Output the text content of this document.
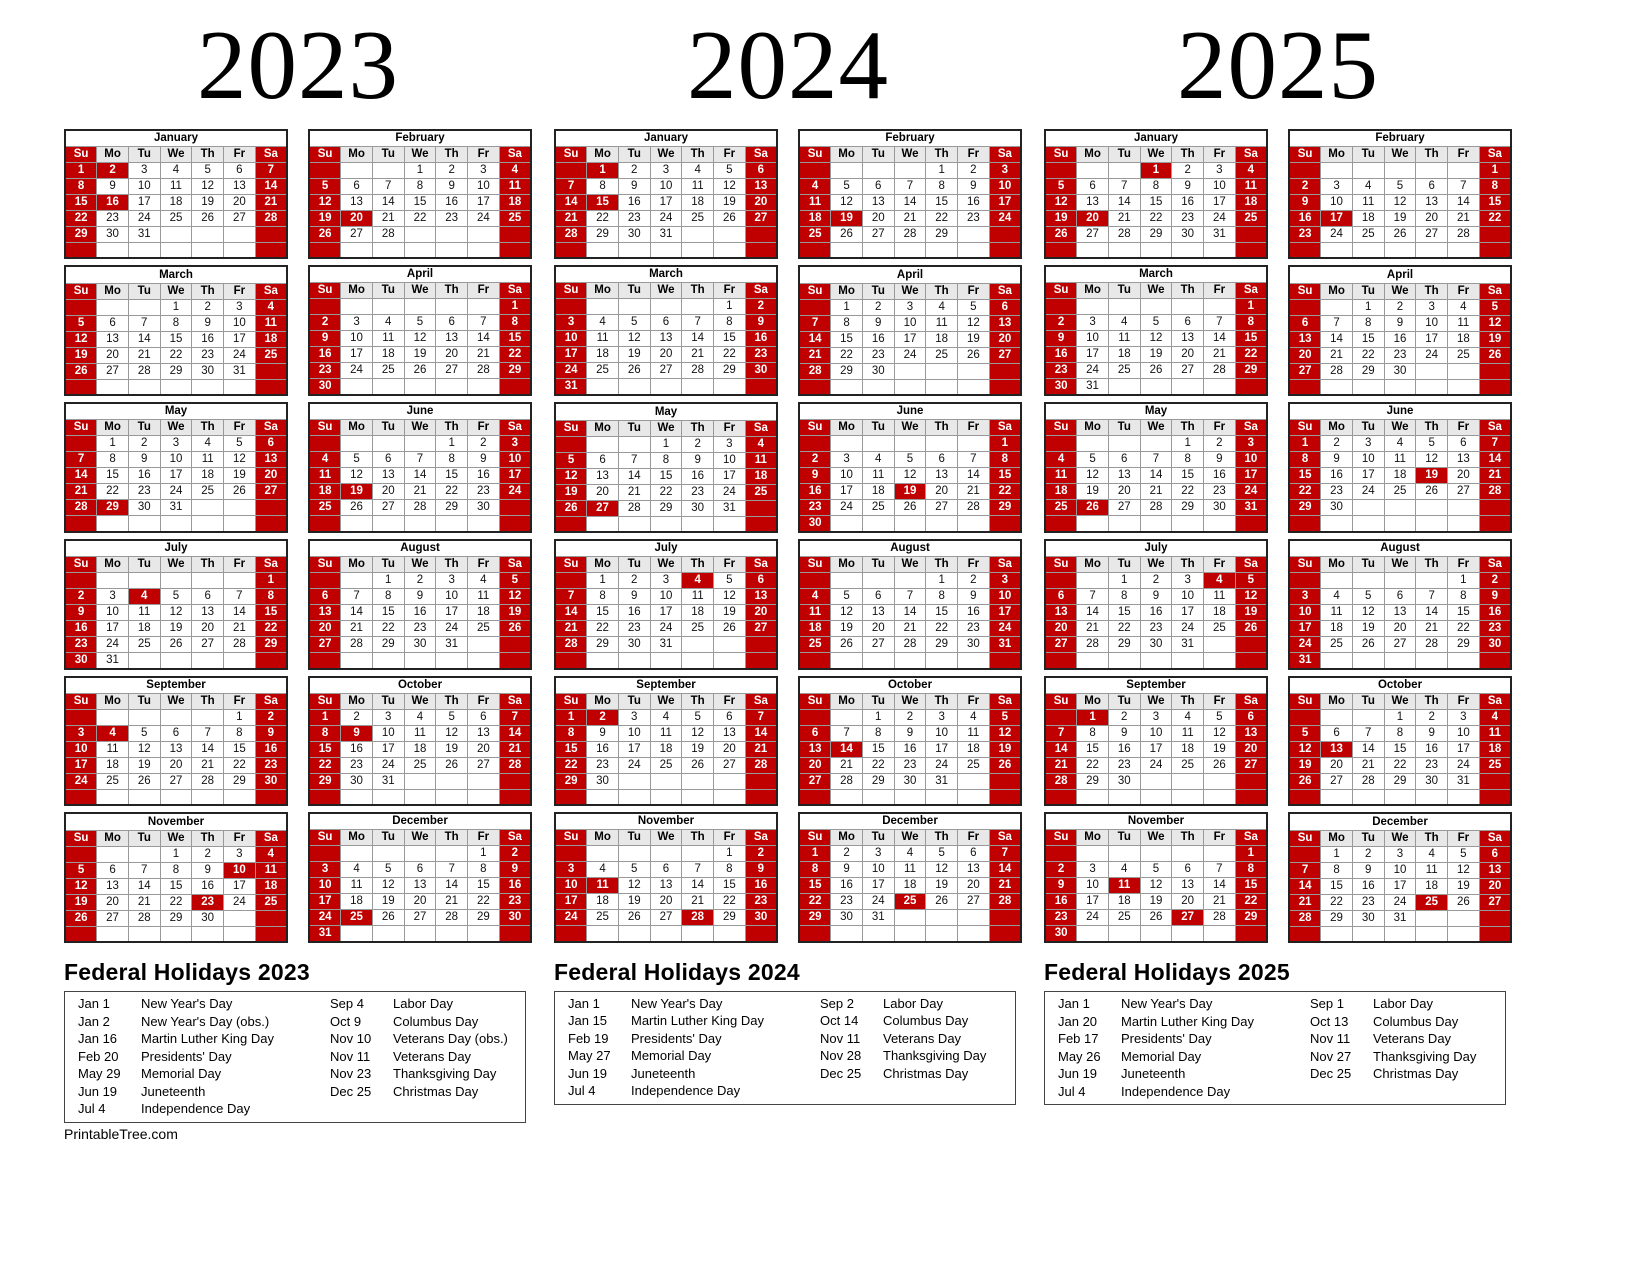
2023
January						
Su	Mo	Tu	We	Th	Fr	Sa
1	2	3	4	5	6	7
8	9	10	11	12	13	14
15	16	17	18	19	20	21
22	23	24	25	26	27	28
29	30	31				

February						
Su	Mo	Tu	We	Th	Fr	Sa
			1	2	3	4
5	6	7	8	9	10	11
12	13	14	15	16	17	18
19	20	21	22	23	24	25
26	27	28				

March						
Su	Mo	Tu	We	Th	Fr	Sa
			1	2	3	4
5	6	7	8	9	10	11
12	13	14	15	16	17	18
19	20	21	22	23	24	25
26	27	28	29	30	31	

April						
Su	Mo	Tu	We	Th	Fr	Sa
						1
2	3	4	5	6	7	8
9	10	11	12	13	14	15
16	17	18	19	20	21	22
23	24	25	26	27	28	29
30						
May						
Su	Mo	Tu	We	Th	Fr	Sa
	1	2	3	4	5	6
7	8	9	10	11	12	13
14	15	16	17	18	19	20
21	22	23	24	25	26	27
28	29	30	31			

June						
Su	Mo	Tu	We	Th	Fr	Sa
				1	2	3
4	5	6	7	8	9	10
11	12	13	14	15	16	17
18	19	20	21	22	23	24
25	26	27	28	29	30	

July						
Su	Mo	Tu	We	Th	Fr	Sa
						1
2	3	4	5	6	7	8
9	10	11	12	13	14	15
16	17	18	19	20	21	22
23	24	25	26	27	28	29
30	31					
August						
Su	Mo	Tu	We	Th	Fr	Sa
		1	2	3	4	5
6	7	8	9	10	11	12
13	14	15	16	17	18	19
20	21	22	23	24	25	26
27	28	29	30	31		

September						
Su	Mo	Tu	We	Th	Fr	Sa
					1	2
3	4	5	6	7	8	9
10	11	12	13	14	15	16
17	18	19	20	21	22	23
24	25	26	27	28	29	30

October						
Su	Mo	Tu	We	Th	Fr	Sa
1	2	3	4	5	6	7
8	9	10	11	12	13	14
15	16	17	18	19	20	21
22	23	24	25	26	27	28
29	30	31				

November						
Su	Mo	Tu	We	Th	Fr	Sa
			1	2	3	4
5	6	7	8	9	10	11
12	13	14	15	16	17	18
19	20	21	22	23	24	25
26	27	28	29	30		

December						
Su	Mo	Tu	We	Th	Fr	Sa
					1	2
3	4	5	6	7	8	9
10	11	12	13	14	15	16
17	18	19	20	21	22	23
24	25	26	27	28	29	30
31						
Federal Holidays 2023
Jan 1	New Year's Day
Jan 2	New Year's Day (obs.)
Jan 16	Martin Luther King Day
Feb 20	Presidents' Day
May 29	Memorial Day
Jun 19	Juneteenth
Jul 4	Independence Day
Sep 4	Labor Day
Oct 9	Columbus Day
Nov 10	Veterans Day (obs.)
Nov 11	Veterans Day
Nov 23	Thanksgiving Day
Dec 25	Christmas Day
2024
January						
Su	Mo	Tu	We	Th	Fr	Sa
	1	2	3	4	5	6
7	8	9	10	11	12	13
14	15	16	17	18	19	20
21	22	23	24	25	26	27
28	29	30	31			

February						
Su	Mo	Tu	We	Th	Fr	Sa
				1	2	3
4	5	6	7	8	9	10
11	12	13	14	15	16	17
18	19	20	21	22	23	24
25	26	27	28	29		

March						
Su	Mo	Tu	We	Th	Fr	Sa
					1	2
3	4	5	6	7	8	9
10	11	12	13	14	15	16
17	18	19	20	21	22	23
24	25	26	27	28	29	30
31						
April						
Su	Mo	Tu	We	Th	Fr	Sa
	1	2	3	4	5	6
7	8	9	10	11	12	13
14	15	16	17	18	19	20
21	22	23	24	25	26	27
28	29	30				

May						
Su	Mo	Tu	We	Th	Fr	Sa
			1	2	3	4
5	6	7	8	9	10	11
12	13	14	15	16	17	18
19	20	21	22	23	24	25
26	27	28	29	30	31	

June						
Su	Mo	Tu	We	Th	Fr	Sa
						1
2	3	4	5	6	7	8
9	10	11	12	13	14	15
16	17	18	19	20	21	22
23	24	25	26	27	28	29
30						
July						
Su	Mo	Tu	We	Th	Fr	Sa
	1	2	3	4	5	6
7	8	9	10	11	12	13
14	15	16	17	18	19	20
21	22	23	24	25	26	27
28	29	30	31			

August						
Su	Mo	Tu	We	Th	Fr	Sa
				1	2	3
4	5	6	7	8	9	10
11	12	13	14	15	16	17
18	19	20	21	22	23	24
25	26	27	28	29	30	31

September						
Su	Mo	Tu	We	Th	Fr	Sa
1	2	3	4	5	6	7
8	9	10	11	12	13	14
15	16	17	18	19	20	21
22	23	24	25	26	27	28
29	30					

October						
Su	Mo	Tu	We	Th	Fr	Sa
		1	2	3	4	5
6	7	8	9	10	11	12
13	14	15	16	17	18	19
20	21	22	23	24	25	26
27	28	29	30	31		

November						
Su	Mo	Tu	We	Th	Fr	Sa
					1	2
3	4	5	6	7	8	9
10	11	12	13	14	15	16
17	18	19	20	21	22	23
24	25	26	27	28	29	30

December						
Su	Mo	Tu	We	Th	Fr	Sa
1	2	3	4	5	6	7
8	9	10	11	12	13	14
15	16	17	18	19	20	21
22	23	24	25	26	27	28
29	30	31				

Federal Holidays 2024
Jan 1	New Year's Day
Jan 15	Martin Luther King Day
Feb 19	Presidents' Day
May 27	Memorial Day
Jun 19	Juneteenth
Jul 4	Independence Day
Sep 2	Labor Day
Oct 14	Columbus Day
Nov 11	Veterans Day
Nov 28	Thanksgiving Day
Dec 25	Christmas Day
2025
January						
Su	Mo	Tu	We	Th	Fr	Sa
			1	2	3	4
5	6	7	8	9	10	11
12	13	14	15	16	17	18
19	20	21	22	23	24	25
26	27	28	29	30	31	

February						
Su	Mo	Tu	We	Th	Fr	Sa
						1
2	3	4	5	6	7	8
9	10	11	12	13	14	15
16	17	18	19	20	21	22
23	24	25	26	27	28	

March						
Su	Mo	Tu	We	Th	Fr	Sa
						1
2	3	4	5	6	7	8
9	10	11	12	13	14	15
16	17	18	19	20	21	22
23	24	25	26	27	28	29
30	31					
April						
Su	Mo	Tu	We	Th	Fr	Sa
		1	2	3	4	5
6	7	8	9	10	11	12
13	14	15	16	17	18	19
20	21	22	23	24	25	26
27	28	29	30			

May						
Su	Mo	Tu	We	Th	Fr	Sa
				1	2	3
4	5	6	7	8	9	10
11	12	13	14	15	16	17
18	19	20	21	22	23	24
25	26	27	28	29	30	31

June						
Su	Mo	Tu	We	Th	Fr	Sa
1	2	3	4	5	6	7
8	9	10	11	12	13	14
15	16	17	18	19	20	21
22	23	24	25	26	27	28
29	30					

July						
Su	Mo	Tu	We	Th	Fr	Sa
		1	2	3	4	5
6	7	8	9	10	11	12
13	14	15	16	17	18	19
20	21	22	23	24	25	26
27	28	29	30	31		

August						
Su	Mo	Tu	We	Th	Fr	Sa
					1	2
3	4	5	6	7	8	9
10	11	12	13	14	15	16
17	18	19	20	21	22	23
24	25	26	27	28	29	30
31						
September						
Su	Mo	Tu	We	Th	Fr	Sa
	1	2	3	4	5	6
7	8	9	10	11	12	13
14	15	16	17	18	19	20
21	22	23	24	25	26	27
28	29	30				

October						
Su	Mo	Tu	We	Th	Fr	Sa
			1	2	3	4
5	6	7	8	9	10	11
12	13	14	15	16	17	18
19	20	21	22	23	24	25
26	27	28	29	30	31	

November						
Su	Mo	Tu	We	Th	Fr	Sa
						1
2	3	4	5	6	7	8
9	10	11	12	13	14	15
16	17	18	19	20	21	22
23	24	25	26	27	28	29
30						
December						
Su	Mo	Tu	We	Th	Fr	Sa
	1	2	3	4	5	6
7	8	9	10	11	12	13
14	15	16	17	18	19	20
21	22	23	24	25	26	27
28	29	30	31			

Federal Holidays 2025
Jan 1	New Year's Day
Jan 20	Martin Luther King Day
Feb 17	Presidents' Day
May 26	Memorial Day
Jun 19	Juneteenth
Jul 4	Independence Day
Sep 1	Labor Day
Oct 13	Columbus Day
Nov 11	Veterans Day
Nov 27	Thanksgiving Day
Dec 25	Christmas Day
PrintableTree.com
